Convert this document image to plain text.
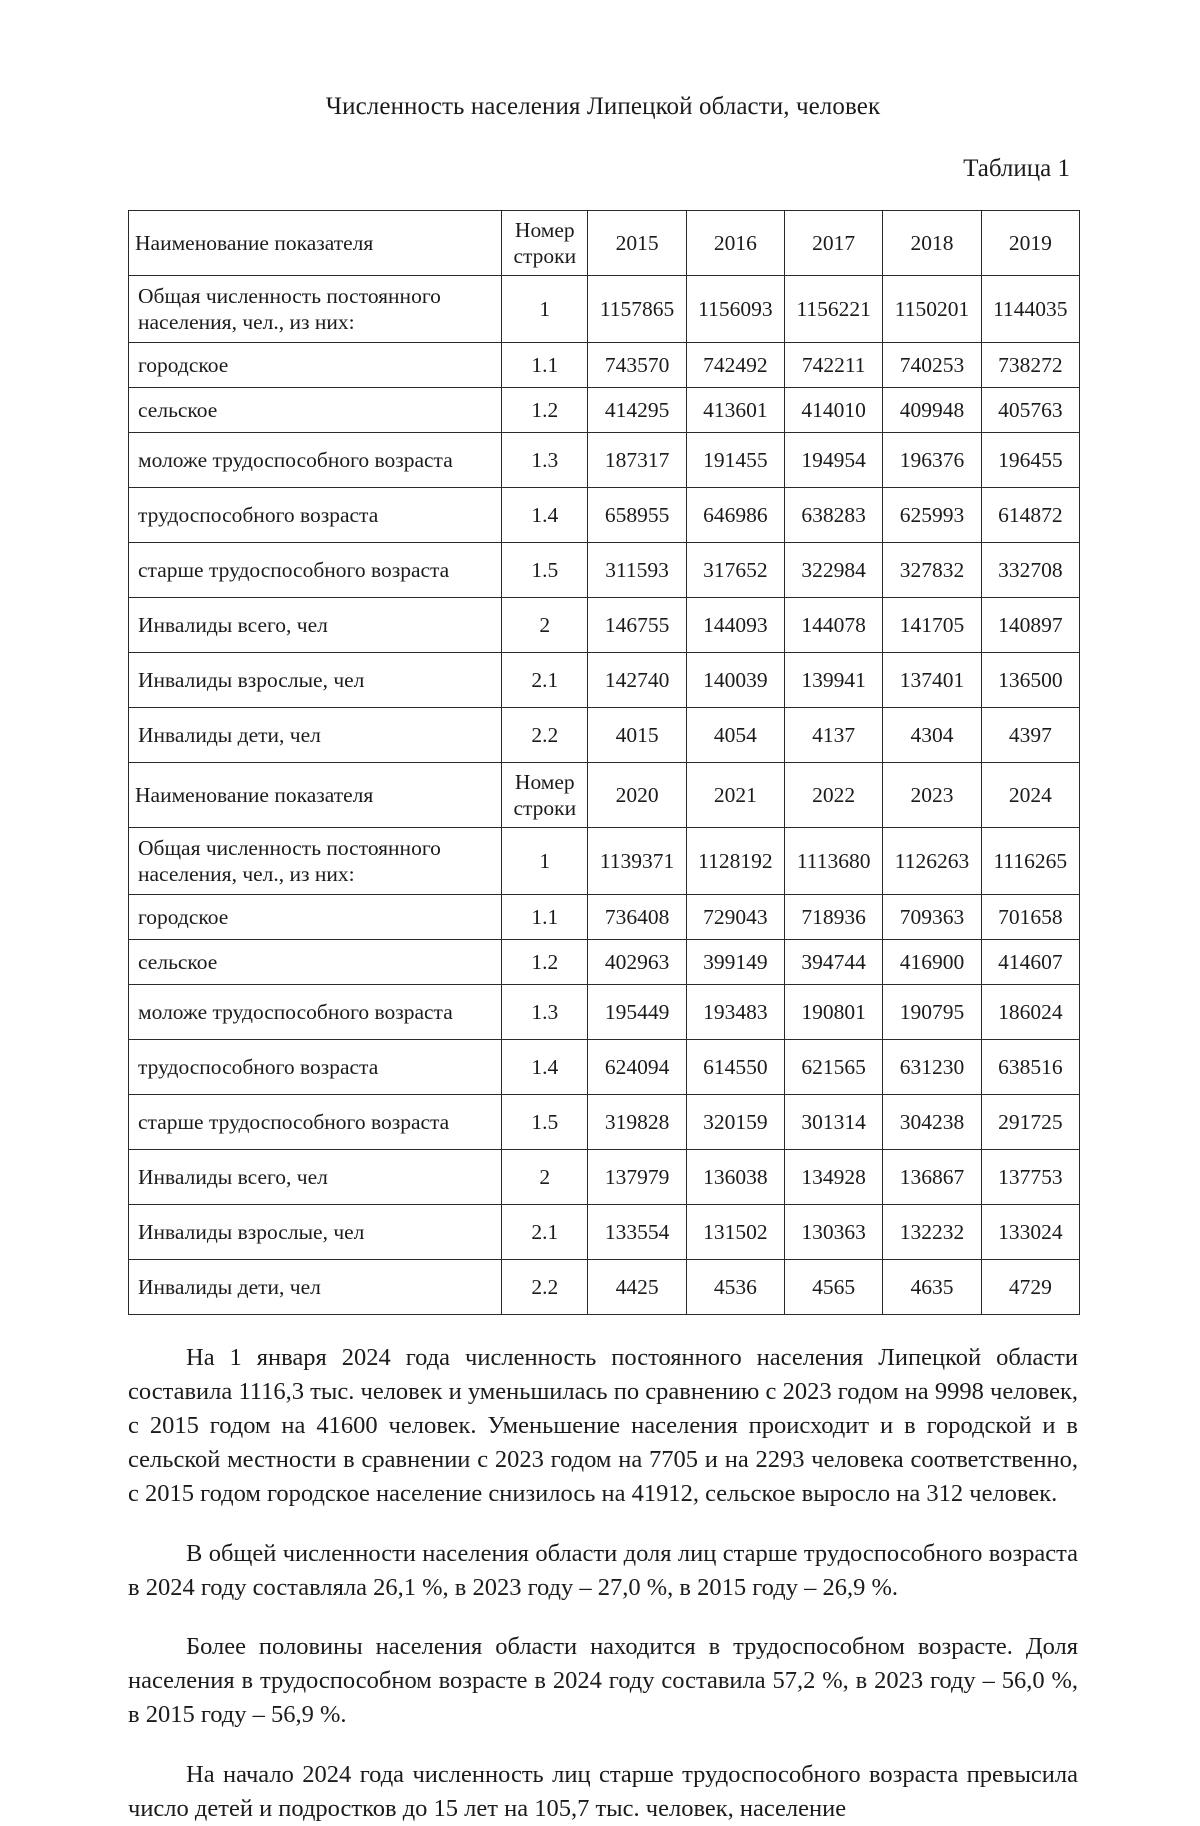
Численность населения Липецкой области, человек
Таблица 1
Наименование показателя	Номер строки	2015	2016	2017	2018	2019
Общая численность постоянного населения, чел., из них:	1	1157865	1156093	1156221	1150201	1144035
городское	1.1	743570	742492	742211	740253	738272
сельское	1.2	414295	413601	414010	409948	405763
моложе трудоспособного возраста	1.3	187317	191455	194954	196376	196455
трудоспособного возраста	1.4	658955	646986	638283	625993	614872
старше трудоспособного возраста	1.5	311593	317652	322984	327832	332708
Инвалиды всего, чел	2	146755	144093	144078	141705	140897
Инвалиды взрослые, чел	2.1	142740	140039	139941	137401	136500
Инвалиды дети, чел	2.2	4015	4054	4137	4304	4397
Наименование показателя	Номер строки	2020	2021	2022	2023	2024
Общая численность постоянного населения, чел., из них:	1	1139371	1128192	1113680	1126263	1116265
городское	1.1	736408	729043	718936	709363	701658
сельское	1.2	402963	399149	394744	416900	414607
моложе трудоспособного возраста	1.3	195449	193483	190801	190795	186024
трудоспособного возраста	1.4	624094	614550	621565	631230	638516
старше трудоспособного возраста	1.5	319828	320159	301314	304238	291725
Инвалиды всего, чел	2	137979	136038	134928	136867	137753
Инвалиды взрослые, чел	2.1	133554	131502	130363	132232	133024
Инвалиды дети, чел	2.2	4425	4536	4565	4635	4729

На 1 января 2024 года численность постоянного населения Липецкой области составила 1116,3 тыс. человек и уменьшилась по сравнению с 2023 годом на 9998 человек, с 2015 годом на 41600 человек. Уменьшение населения происходит и в городской и в сельской местности в сравнении с 2023 годом на 7705 и на 2293 человека соответственно, с 2015 годом городское население снизилось на 41912, сельское выросло на 312 человек.

В общей численности населения области доля лиц старше трудоспособного возраста в 2024 году составляла 26,1 %, в 2023 году – 27,0 %, в 2015 году – 26,9 %.

Более половины населения области находится в трудоспособном возрасте. Доля населения в трудоспособном возрасте в 2024 году составила 57,2 %, в 2023 году – 56,0 %, в 2015 году – 56,9 %.

На начало 2024 года численность лиц старше трудоспособного возраста превысила число детей и подростков до 15 лет на 105,7 тыс. человек, население
